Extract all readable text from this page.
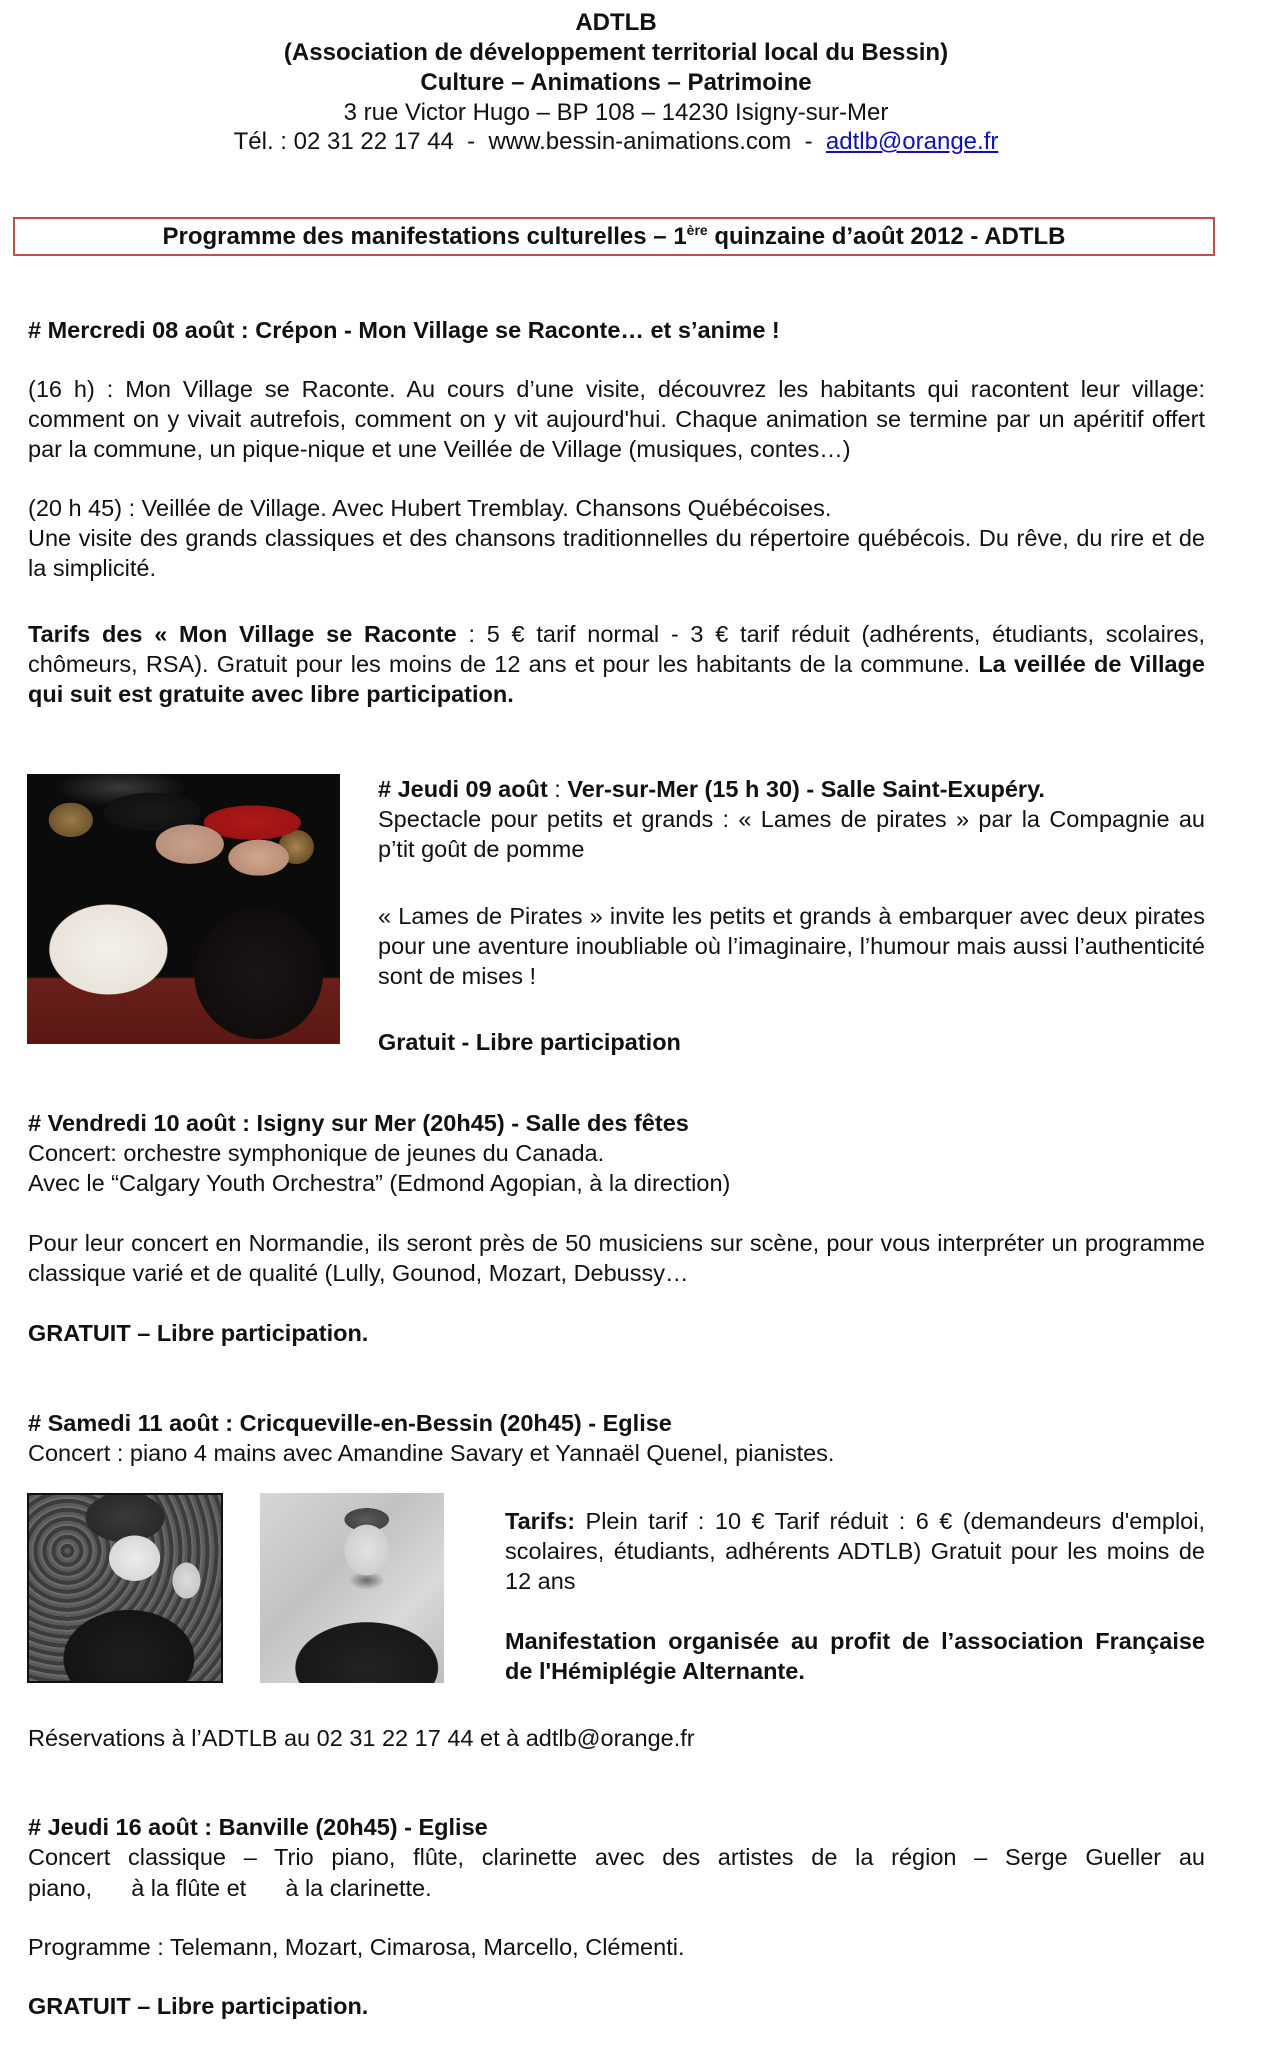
ADTLB
(Association de développement territorial local du Bessin)
Culture – Animations – Patrimoine
3 rue Victor Hugo – BP 108 – 14230 Isigny-sur-Mer
Tél. : 02 31 22 17 44  -  www.bessin-animations.com  -  adtlb@orange.fr
Programme des manifestations culturelles – 1ère quinzaine d’août 2012 - ADTLB
# Mercredi 08 août : Crépon - Mon Village se Raconte… et s’anime !
(16 h) : Mon Village se Raconte. Au cours d’une visite, découvrez les habitants qui racontent leur village: comment on y vivait autrefois, comment on y vit aujourd'hui. Chaque animation se termine par un apéritif offert par la commune, un pique-nique et une Veillée de Village (musiques, contes…)
(20 h 45) : Veillée de Village. Avec Hubert Tremblay. Chansons Québécoises.
Une visite des grands classiques et des chansons traditionnelles du répertoire québécois. Du rêve, du rire et de la simplicité.
Tarifs des « Mon Village se Raconte : 5 € tarif normal - 3 € tarif réduit (adhérents, étudiants, scolaires, chômeurs, RSA). Gratuit pour les moins de 12 ans et pour les habitants de la commune. La veillée de Village qui suit est gratuite avec libre participation.
# Jeudi 09 août : Ver-sur-Mer (15 h 30) - Salle Saint-Exupéry.
Spectacle pour petits et grands : « Lames de pirates » par la Compagnie au p’tit goût de pomme
« Lames de Pirates » invite les petits et grands à embarquer avec deux pirates pour une aventure inoubliable où l’imaginaire, l’humour mais aussi l’authenticité sont de mises !
Gratuit - Libre participation
# Vendredi 10 août : Isigny sur Mer (20h45) - Salle des fêtes
Concert: orchestre symphonique de jeunes du Canada.
Avec le “Calgary Youth Orchestra” (Edmond Agopian, à la direction)
Pour leur concert en Normandie, ils seront près de 50 musiciens sur scène, pour vous interpréter un programme classique varié et de qualité (Lully, Gounod, Mozart, Debussy…
GRATUIT – Libre participation.
# Samedi 11 août : Cricqueville-en-Bessin (20h45) - Eglise
Concert : piano 4 mains avec Amandine Savary et Yannaël Quenel, pianistes.
Tarifs: Plein tarif : 10 € Tarif réduit : 6 € (demandeurs d'emploi, scolaires, étudiants, adhérents ADTLB) Gratuit pour les moins de 12 ans
Manifestation organisée au profit de l’association Française de l'Hémiplégie Alternante.
Réservations à l’ADTLB au 02 31 22 17 44 et à adtlb@orange.fr
# Jeudi 16 août : Banville (20h45) - Eglise
Concert classique – Trio piano, flûte, clarinette avec des artistes de la région – Serge Gueller au
piano,      à la flûte et      à la clarinette.
Programme : Telemann, Mozart, Cimarosa, Marcello, Clémenti.
GRATUIT – Libre participation.
